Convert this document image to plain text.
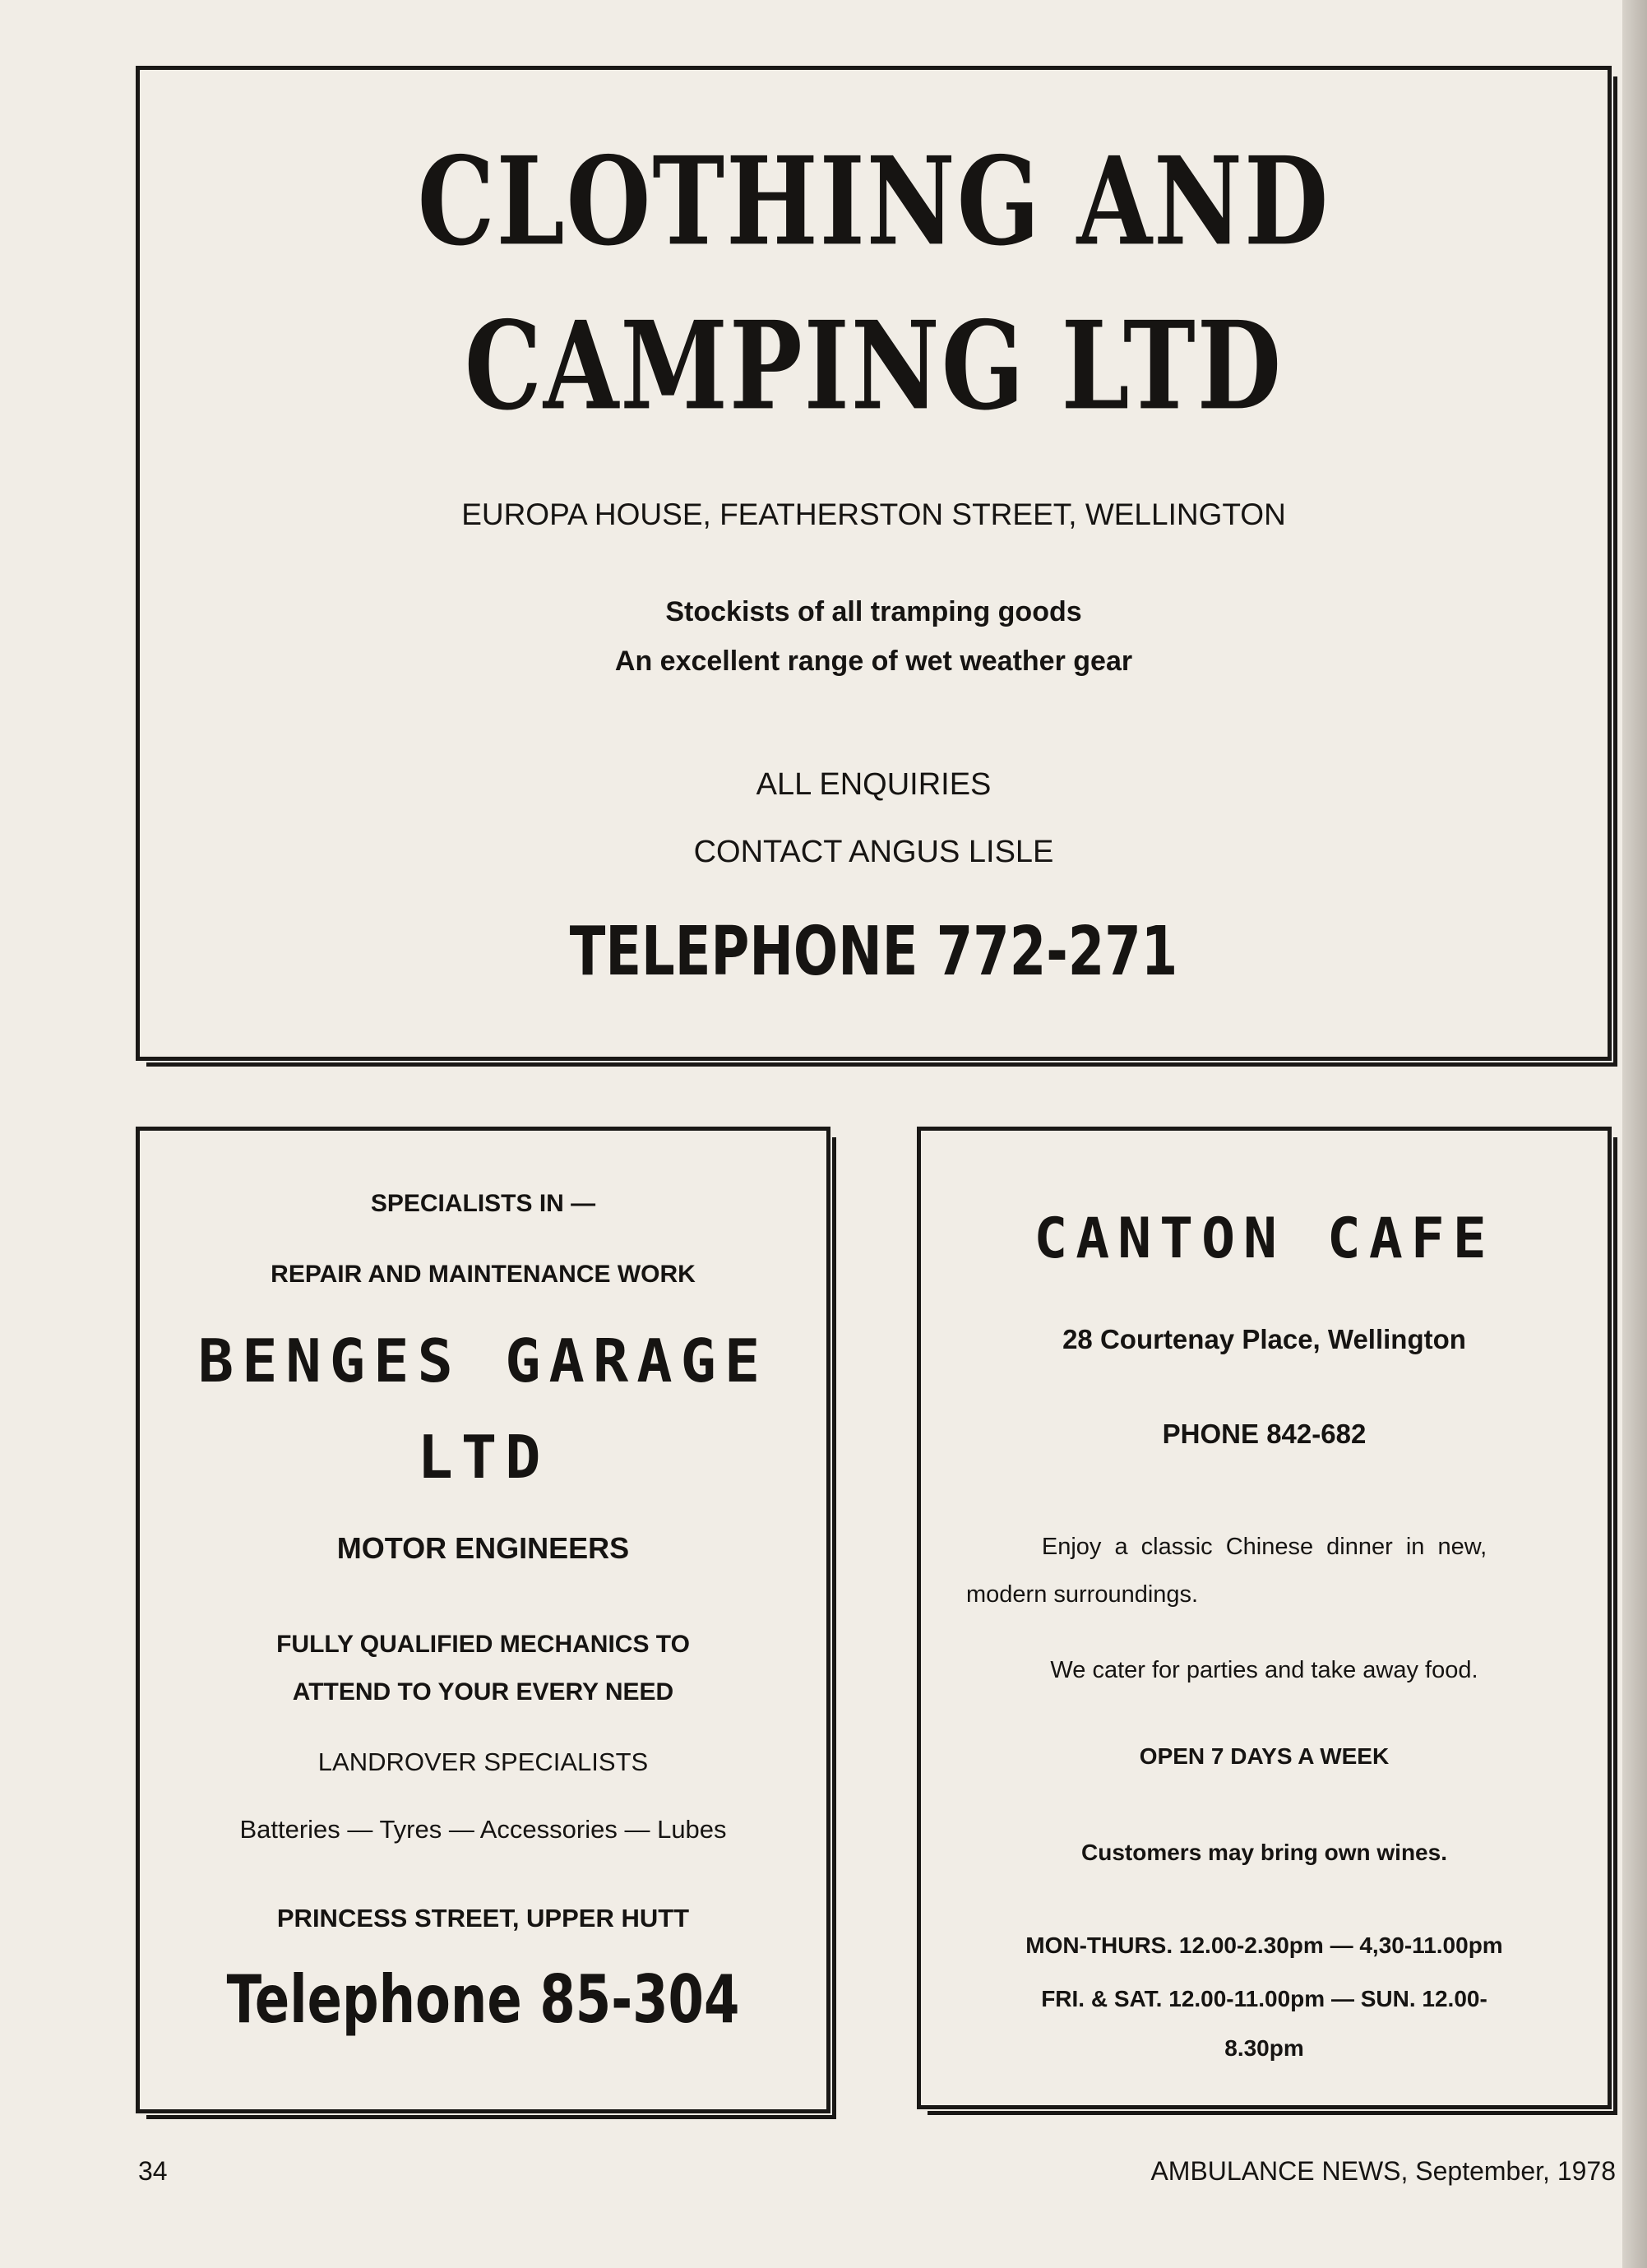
CLOTHING AND
CAMPING LTD
EUROPA HOUSE, FEATHERSTON STREET, WELLINGTON
Stockists of all tramping goods
An excellent range of wet weather gear
ALL ENQUIRIES
CONTACT ANGUS LISLE
TELEPHONE 772-271
SPECIALISTS IN —
REPAIR AND MAINTENANCE WORK
BENGES GARAGE
LTD
MOTOR ENGINEERS
FULLY QUALIFIED MECHANICS TO
ATTEND TO YOUR EVERY NEED
LANDROVER SPECIALISTS
Batteries — Tyres — Accessories — Lubes
PRINCESS STREET, UPPER HUTT
Telephone 85-304
CANTON CAFE
28 Courtenay Place, Wellington
PHONE 842-682
Enjoy a classic Chinese dinner in new,
modern surroundings.
We cater for parties and take away food.
OPEN 7 DAYS A WEEK
Customers may bring own wines.
MON-THURS. 12.00-2.30pm — 4,30-11.00pm
FRI. & SAT. 12.00-11.00pm — SUN. 12.00-
8.30pm
34	AMBULANCE NEWS, September, 1978
